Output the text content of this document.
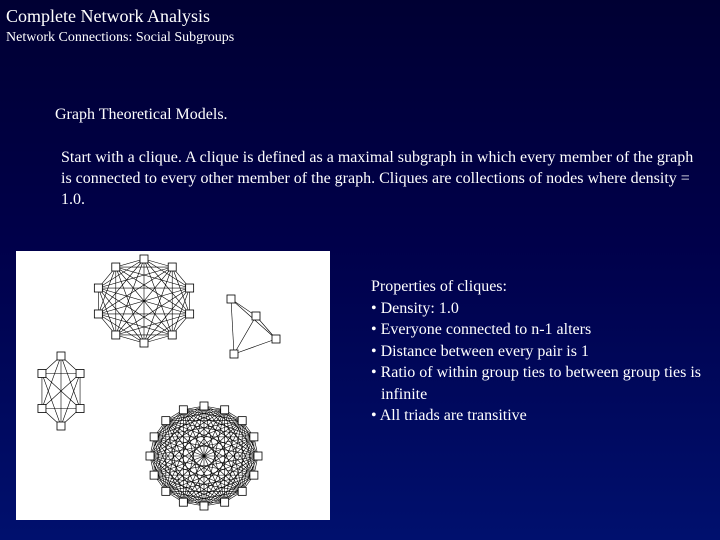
Complete Network Analysis
Network Connections: Social Subgroups
Graph Theoretical Models.
Start with a clique. A clique is defined as a maximal subgraph in which every member of the graph is connected to every other member of the graph. Cliques are collections of nodes where density = 1.0.
Properties of cliques:
• Density: 1.0
• Everyone connected to n-1 alters
• Distance between every pair is 1
• Ratio of within group ties to between group ties is infinite
• All triads are transitive
